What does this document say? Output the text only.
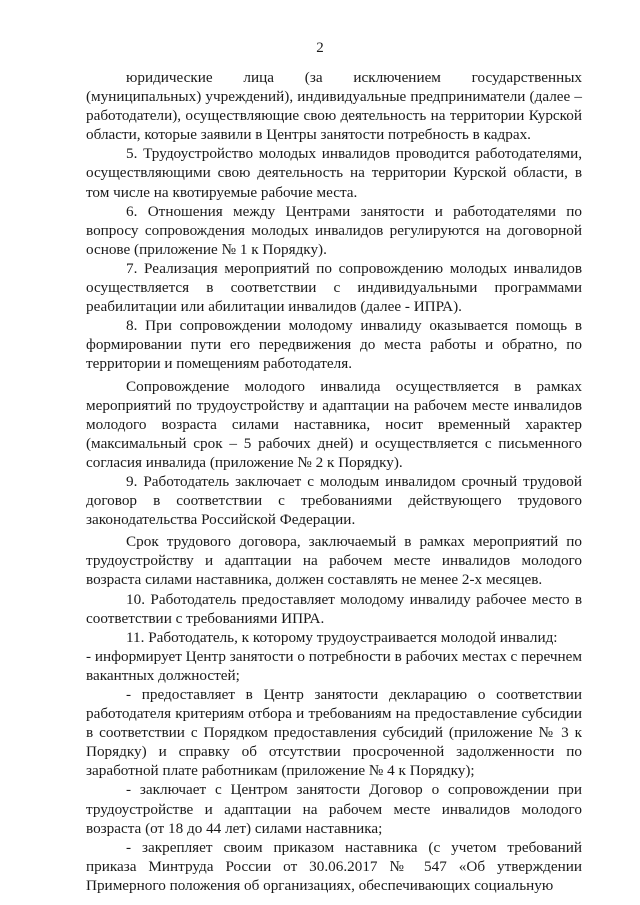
2

юридические лица (за исключением государственных (муниципальных) учреждений), индивидуальные предприниматели (далее – работодатели), осуществляющие свою деятельность на территории Курской области, которые заявили в Центры занятости потребность в кадрах.

5. Трудоустройство молодых инвалидов проводится работодателями, осуществляющими свою деятельность на территории Курской области, в том числе на квотируемые рабочие места.

6. Отношения между Центрами занятости и работодателями по вопросу сопровождения молодых инвалидов регулируются на договорной основе (приложение № 1 к Порядку).

7. Реализация мероприятий по сопровождению молодых инвалидов осуществляется в соответствии с индивидуальными программами реабилитации или абилитации инвалидов (далее - ИПРА).

8. При сопровождении молодому инвалиду оказывается помощь в формировании пути его передвижения до места работы и обратно, по территории и помещениям работодателя.

Сопровождение молодого инвалида осуществляется в рамках мероприятий по трудоустройству и адаптации на рабочем месте инвалидов молодого возраста силами наставника, носит временный характер (максимальный срок – 5 рабочих дней) и осуществляется с письменного согласия инвалида (приложение № 2 к Порядку).

9. Работодатель заключает с молодым инвалидом срочный трудовой договор в соответствии с требованиями действующего трудового законодательства Российской Федерации.

Срок трудового договора, заключаемый в рамках мероприятий по трудоустройству и адаптации на рабочем месте инвалидов молодого возраста силами наставника, должен составлять не менее 2-х месяцев.

10. Работодатель предоставляет молодому инвалиду рабочее место в соответствии с требованиями ИПРА.

11. Работодатель, к которому трудоустраивается молодой инвалид:

- информирует Центр занятости о потребности в рабочих местах с перечнем вакантных должностей;

- предоставляет в Центр занятости декларацию о соответствии работодателя критериям отбора и требованиям на предоставление субсидии в соответствии с Порядком предоставления субсидий (приложение № 3 к Порядку) и справку об отсутствии просроченной задолженности по заработной плате работникам (приложение № 4 к Порядку);

- заключает с Центром занятости Договор о сопровождении при трудоустройстве и адаптации на рабочем месте инвалидов молодого возраста (от 18 до 44 лет) силами наставника;

- закрепляет своим приказом наставника (с учетом требований приказа Минтруда России от 30.06.2017 № 547 «Об утверждении Примерного положения об организациях, обеспечивающих социальную
